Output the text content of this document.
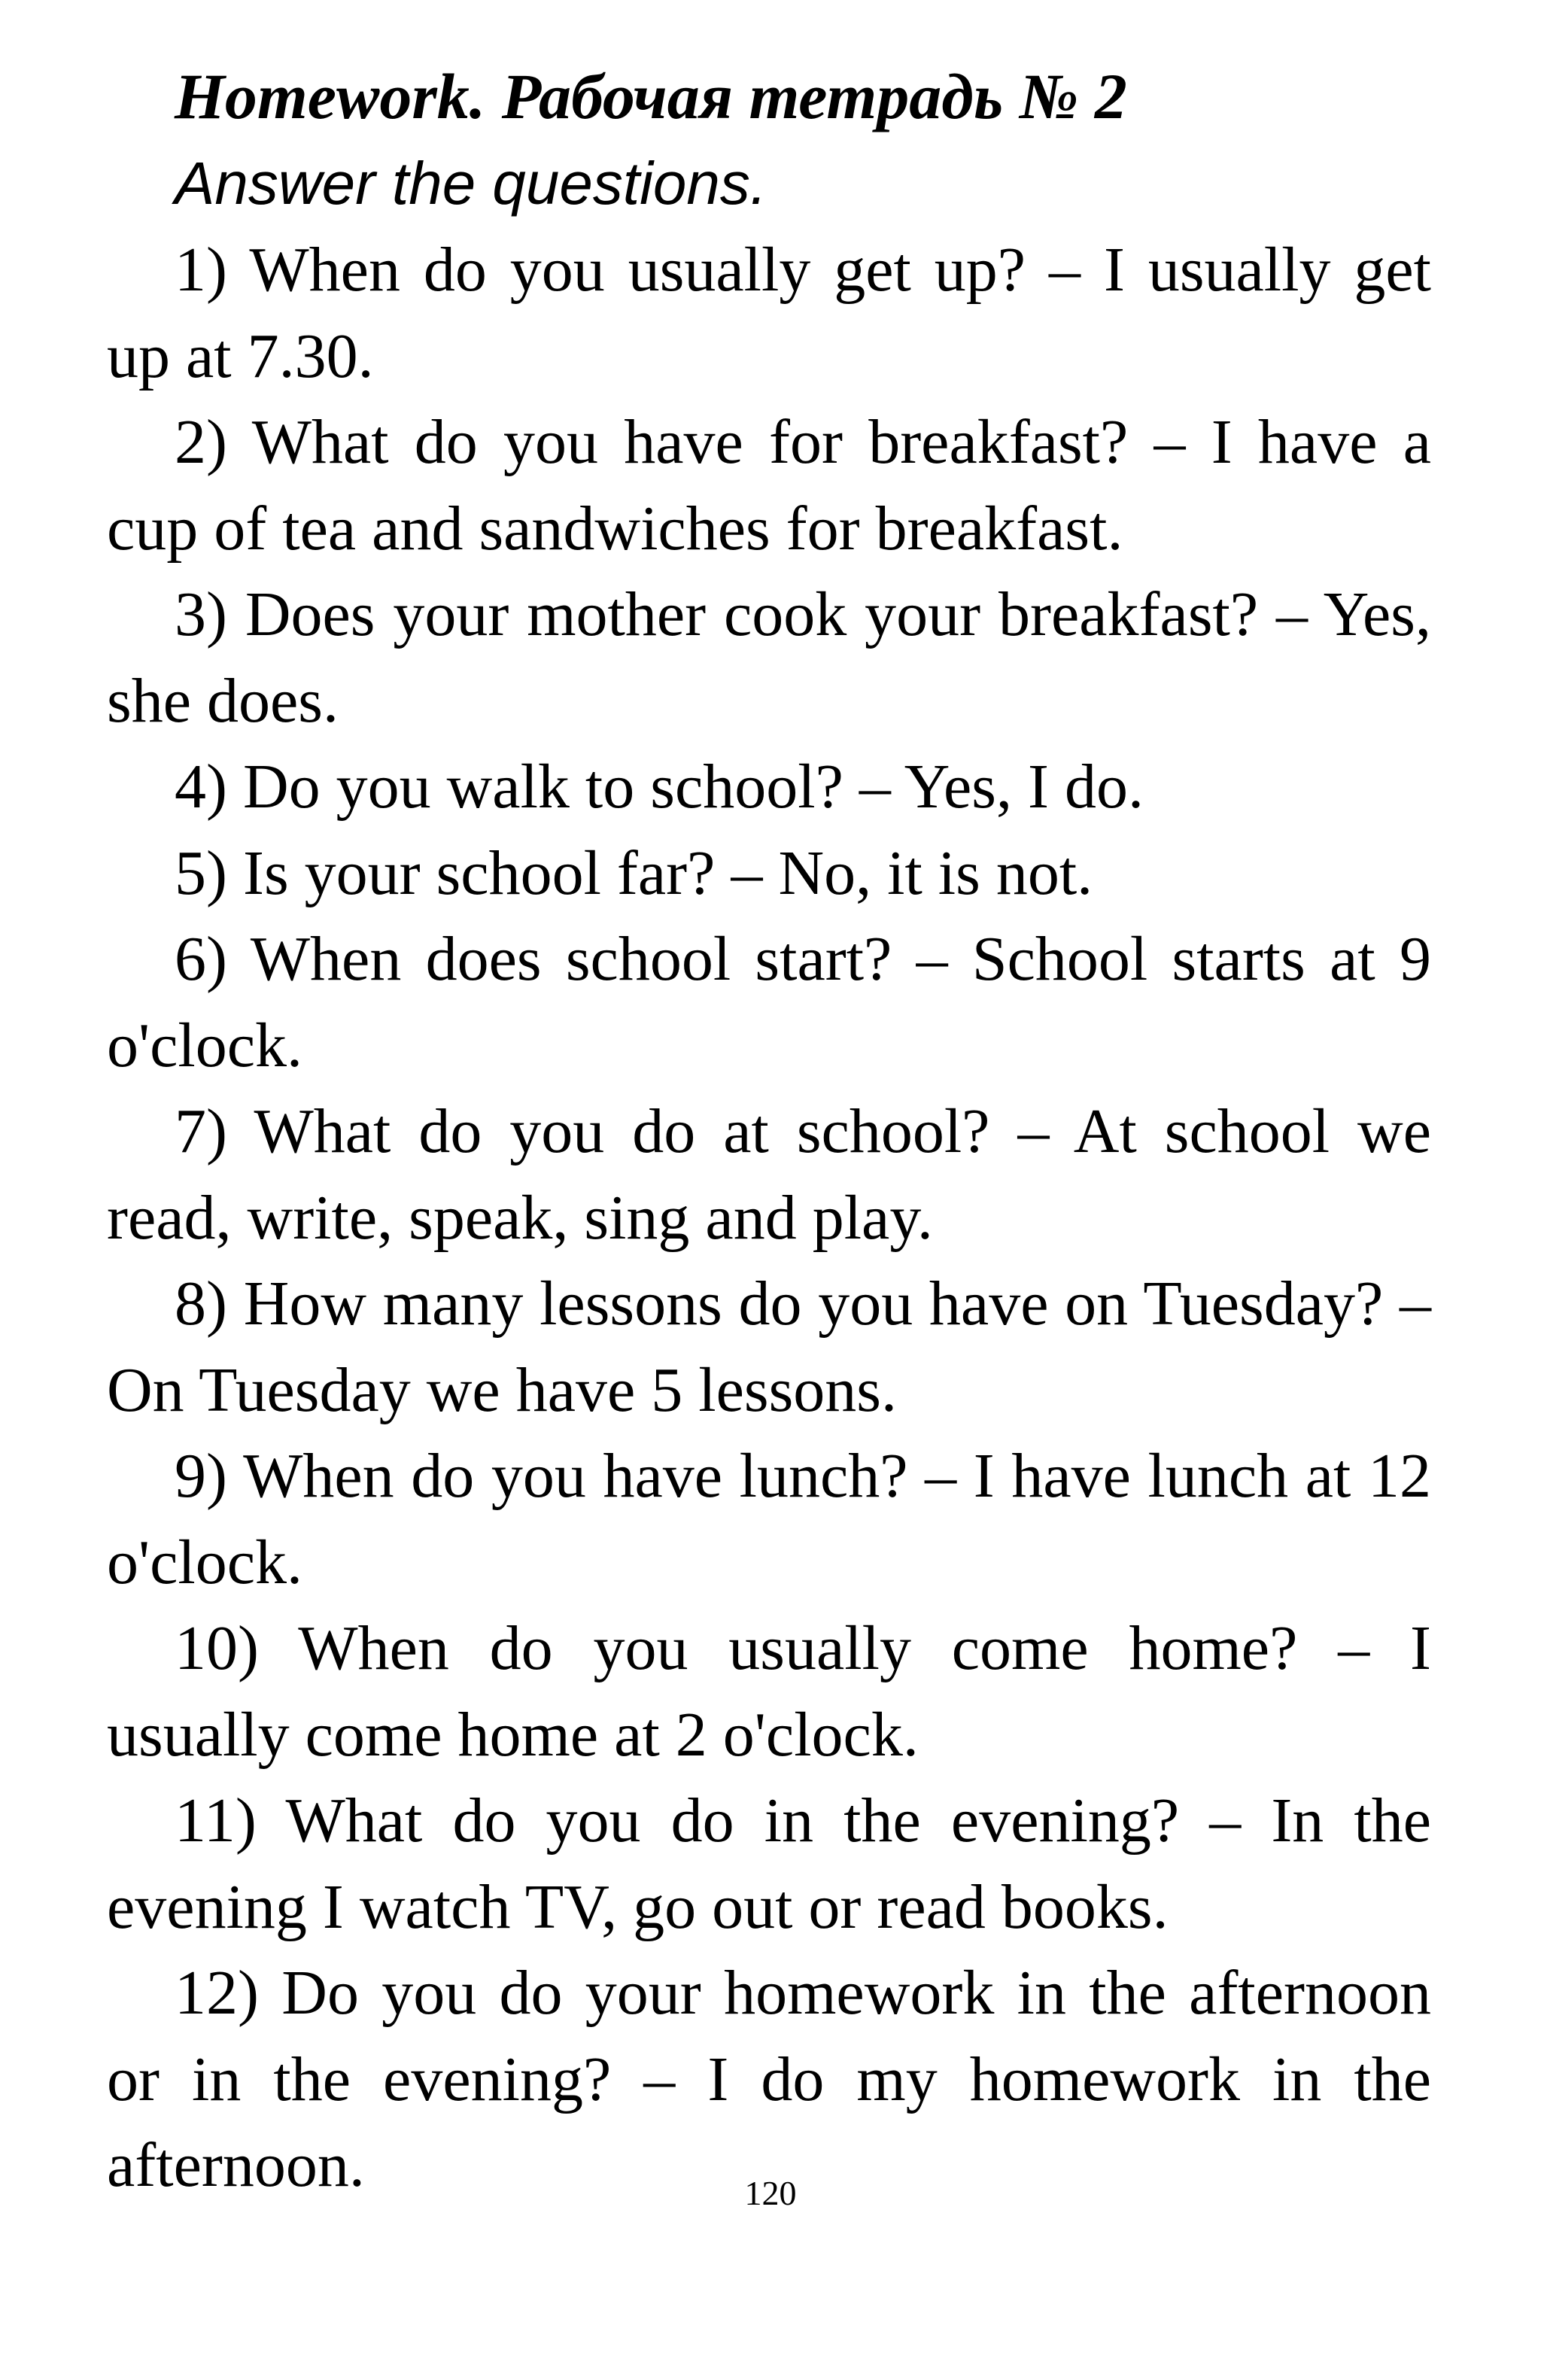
Homework. Рабочая тетрадь № 2
Answer the questions.

1) When do you usually get up? – I usually get up at 7.30.

2) What do you have for breakfast? – I have a cup of tea and sandwiches for breakfast.

3) Does your mother cook your breakfast? – Yes, she does.

4) Do you walk to school? – Yes, I do.

5) Is your school far? – No, it is not.

6) When does school start? – School starts at 9 o'clock.

7) What do you do at school? – At school we read, write, speak, sing and play.

8) How many lessons do you have on Tuesday? – On Tuesday we have 5 lessons.

9) When do you have lunch? – I have lunch at 12 o'clock.

10) When do you usually come home? – I usually come home at 2 o'clock.

11) What do you do in the evening? – In the evening I watch TV, go out or read books.

12) Do you do your homework in the afternoon or in the evening? – I do my homework in the afternoon.	120
